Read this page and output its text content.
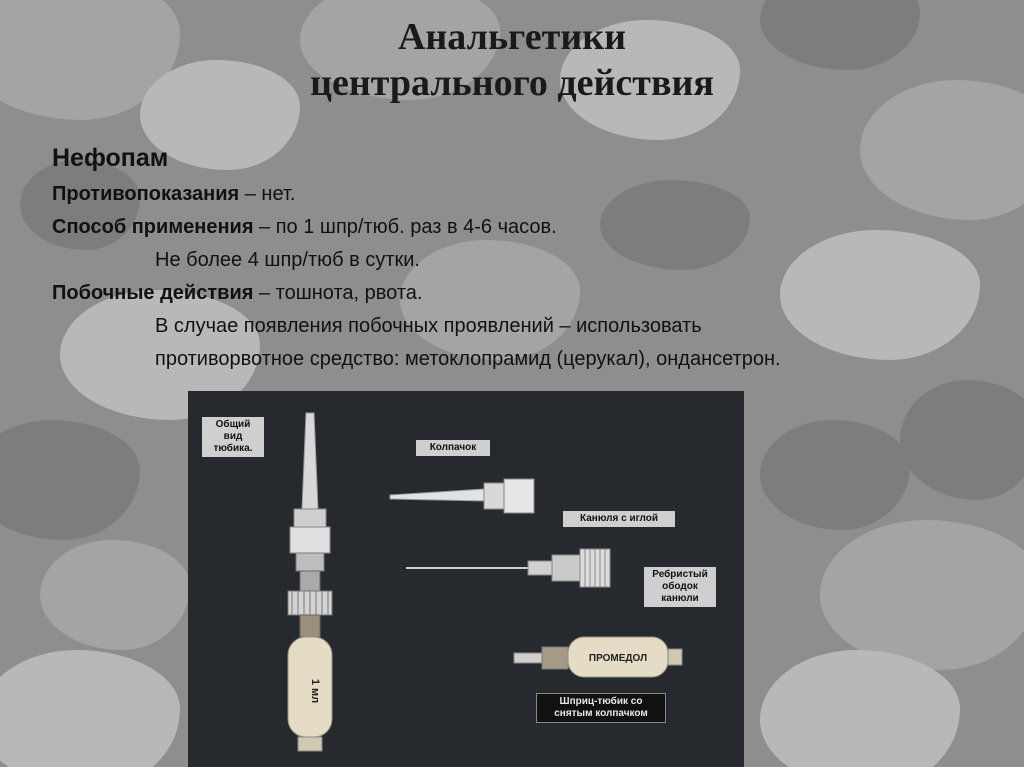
Анальгетики
центрального действия
Нефопам
Противопоказания – нет.
Способ применения – по 1 шпр/тюб. раз в 4-6 часов.
Не более 4 шпр/тюб в сутки.
Побочные действия – тошнота, рвота.
В случае появления побочных проявлений – использовать
противорвотное средство: метоклопрамид (церукал), ондансетрон.
1 мл
ПРОМЕДОЛ
Общий вид тюбика.	Колпачок
Канюля с иглой
Ребристый ободок канюли
Шприц-тюбик со снятым колпачком
